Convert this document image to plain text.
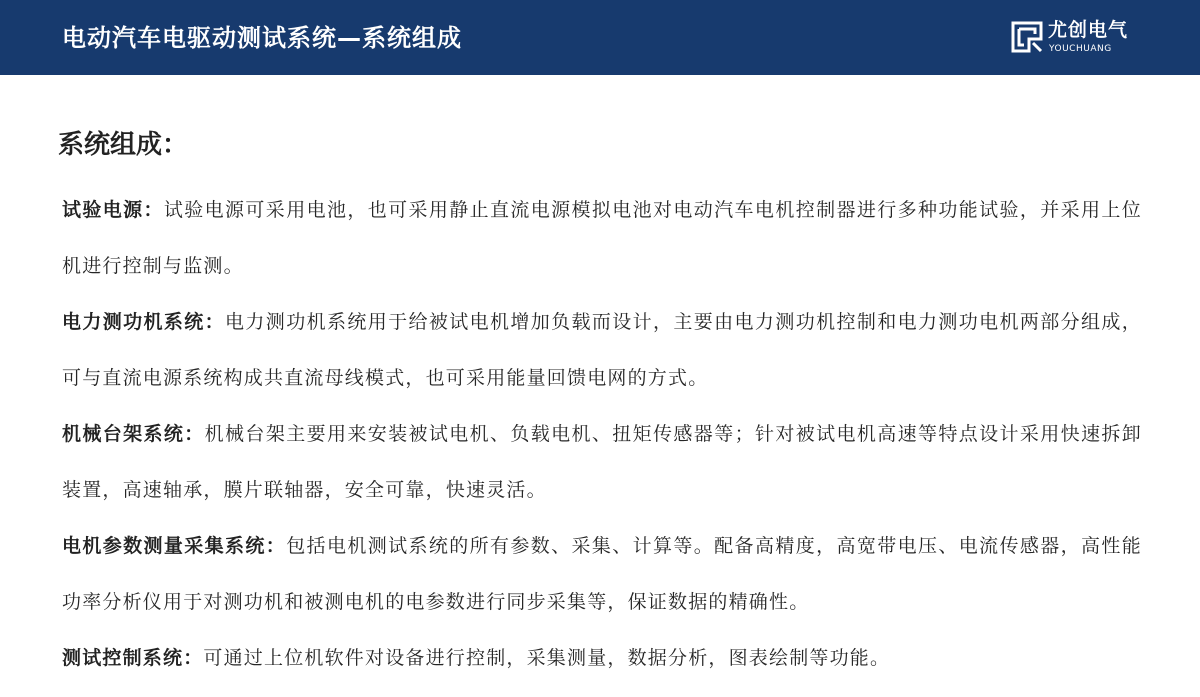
电动汽车电驱动测试系统—系统组成	尤创电气
YOUCHUANG
系统组成：

试验电源：试验电源可采用电池，也可采用静止直流电源模拟电池对电动汽车电机控制器进行多种功能试验，并采用上位机进行控制与监测。

电力测功机系统：电力测功机系统用于给被试电机增加负载而设计，主要由电力测功机控制和电力测功电机两部分组成，可与直流电源系统构成共直流母线模式，也可采用能量回馈电网的方式。

机械台架系统：机械台架主要用来安装被试电机、负载电机、扭矩传感器等；针对被试电机高速等特点设计采用快速拆卸装置，高速轴承，膜片联轴器，安全可靠，快速灵活。

电机参数测量采集系统：包括电机测试系统的所有参数、采集、计算等。配备高精度，高宽带电压、电流传感器，高性能功率分析仪用于对测功机和被测电机的电参数进行同步采集等，保证数据的精确性。

测试控制系统：可通过上位机软件对设备进行控制，采集测量，数据分析，图表绘制等功能。
